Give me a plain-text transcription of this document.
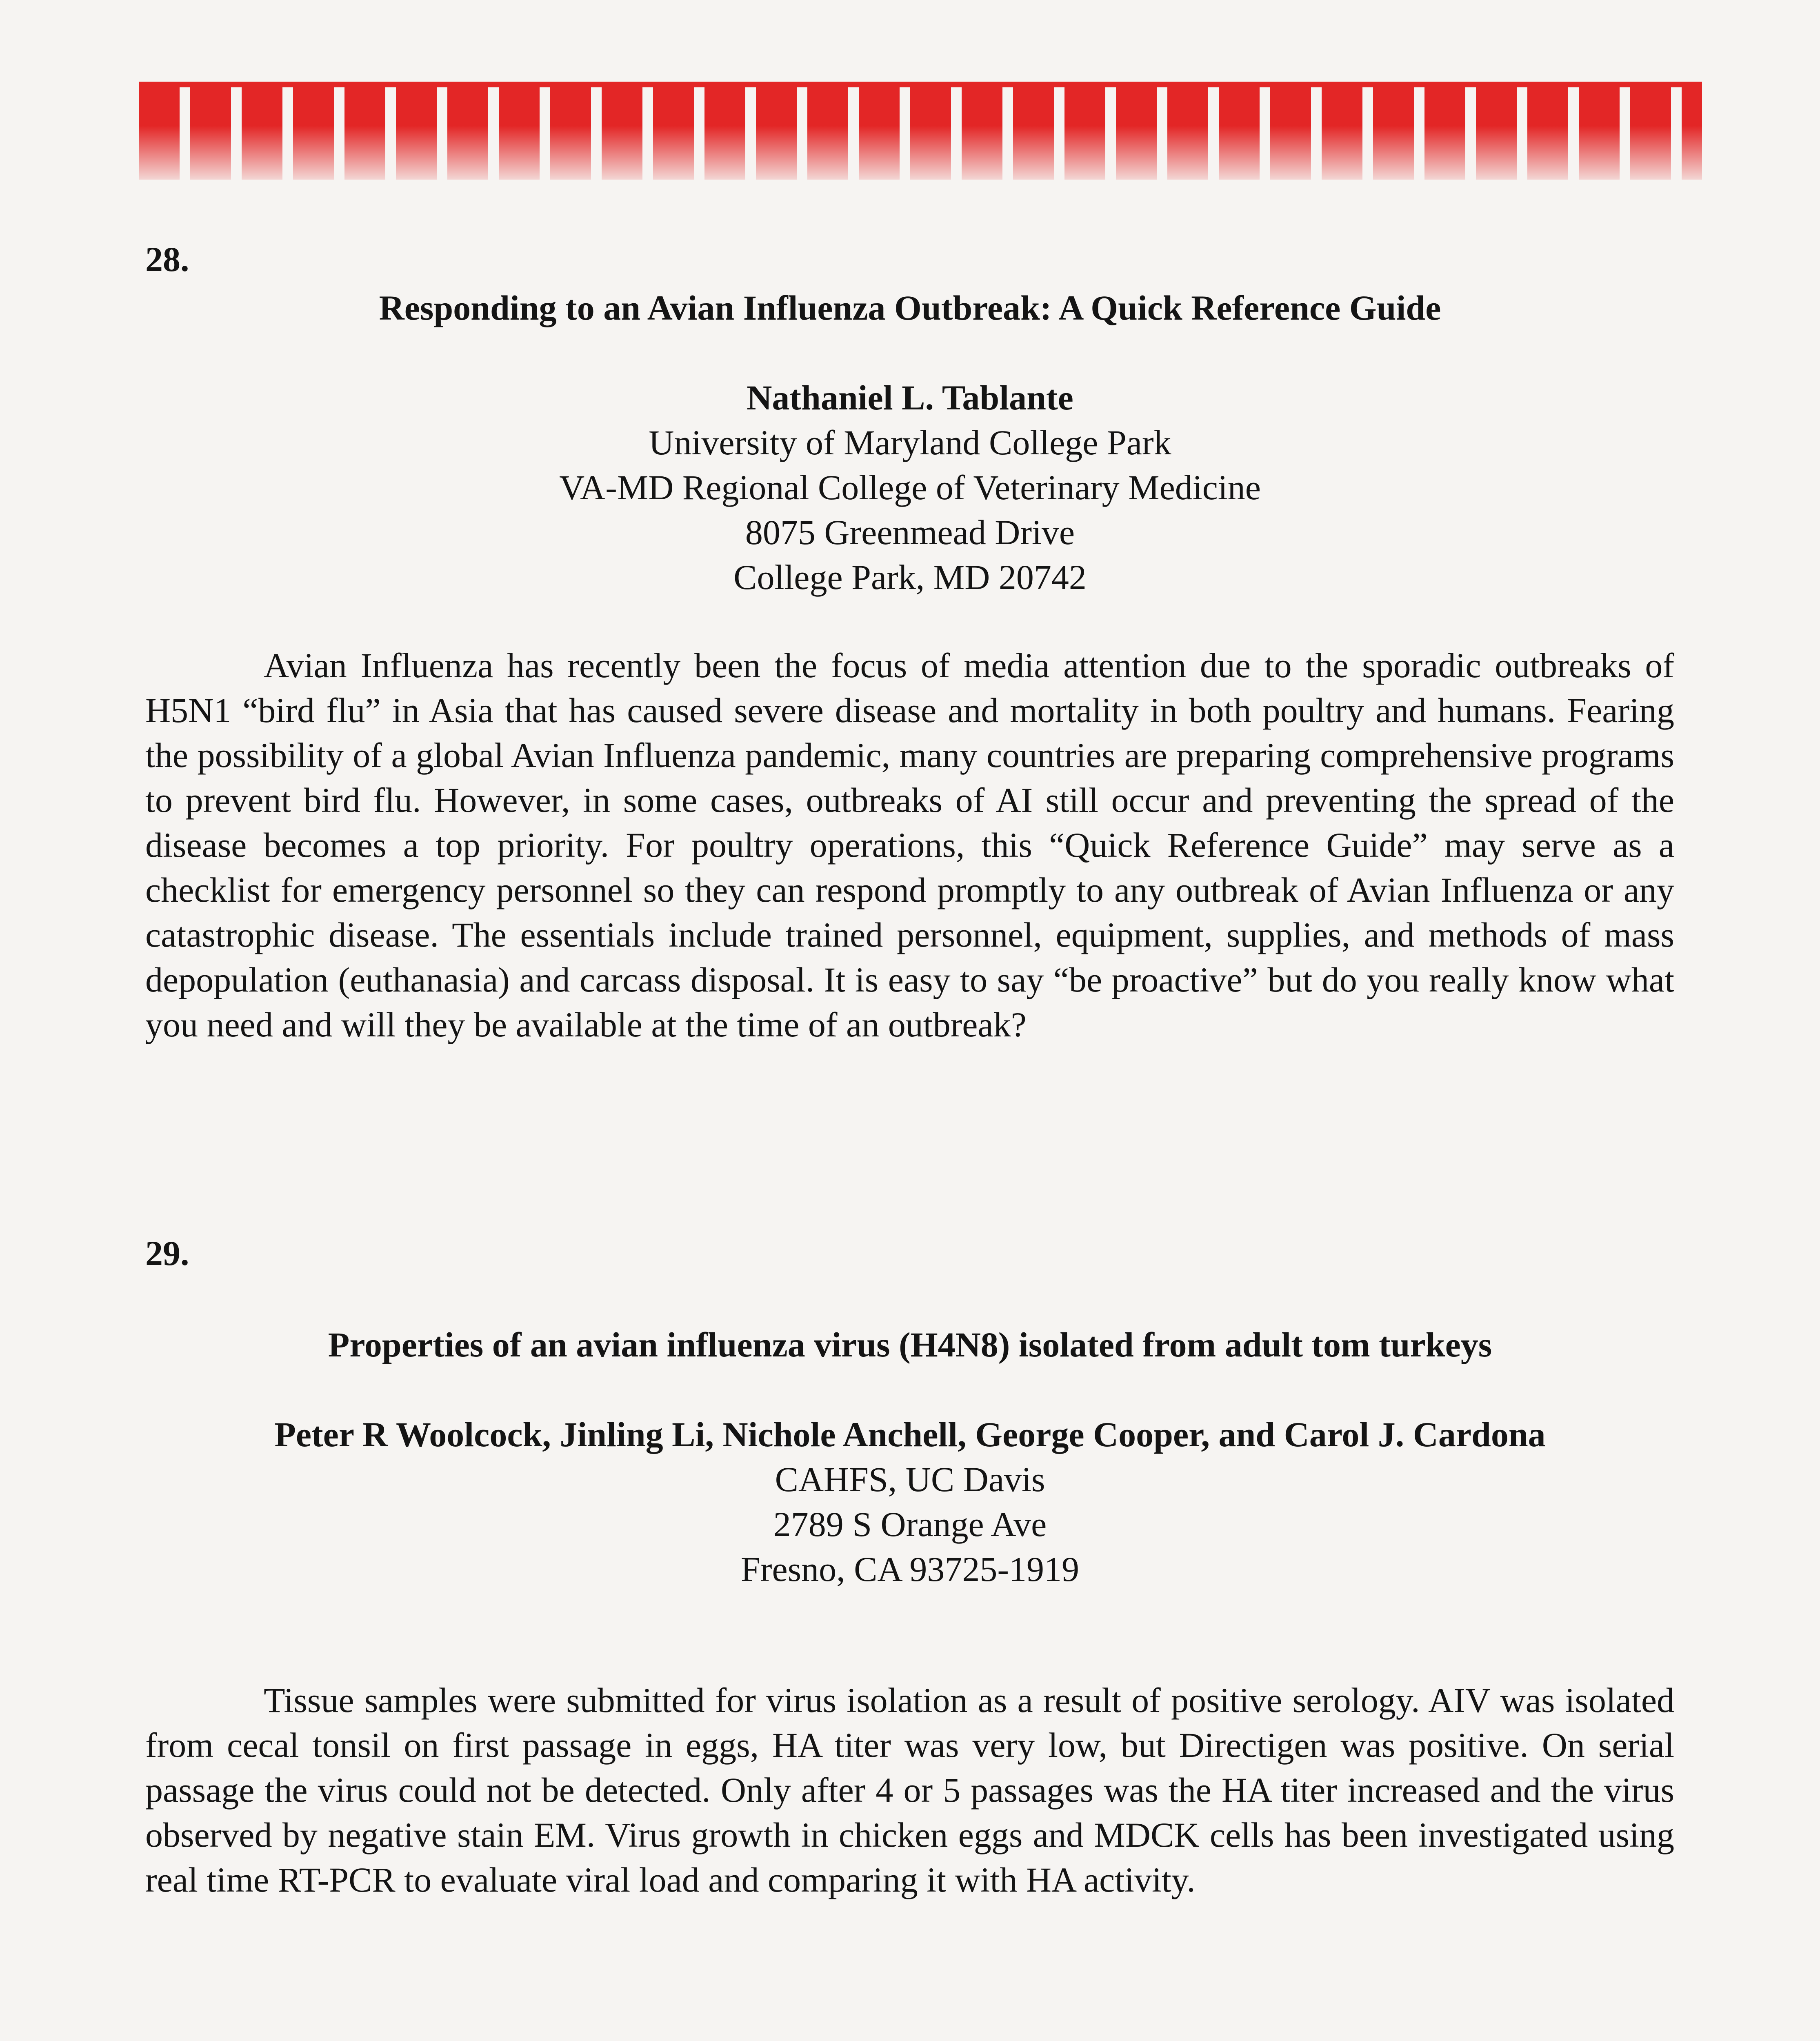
28.
Responding to an Avian Influenza Outbreak: A Quick Reference Guide
Nathaniel L. Tablante
University of Maryland College Park
VA-MD Regional College of Veterinary Medicine
8075 Greenmead Drive
College Park, MD 20742
Avian Influenza has recently been the focus of media attention due to the sporadic outbreaks of H5N1 “bird flu” in Asia that has caused severe disease and mortality in both poultry and humans. Fearing the possibility of a global Avian Influenza pandemic, many countries are preparing comprehensive programs to prevent bird flu. However, in some cases, outbreaks of AI still occur and preventing the spread of the disease becomes a top priority. For poultry operations, this “Quick Reference Guide” may serve as a checklist for emergency personnel so they can respond promptly to any outbreak of Avian Influenza or any catastrophic disease. The essentials include trained personnel, equipment, supplies, and methods of mass depopulation (euthanasia) and carcass disposal. It is easy to say “be proactive” but do you really know what you need and will they be available at the time of an outbreak?
29.
Properties of an avian influenza virus (H4N8) isolated from adult tom turkeys
Peter R Woolcock, Jinling Li, Nichole Anchell, George Cooper, and Carol J. Cardona
CAHFS, UC Davis
2789 S Orange Ave
Fresno, CA 93725-1919
Tissue samples were submitted for virus isolation as a result of positive serology. AIV was isolated from cecal tonsil on first passage in eggs, HA titer was very low, but Directigen was positive. On serial passage the virus could not be detected. Only after 4 or 5 passages was the HA titer increased and the virus observed by negative stain EM. Virus growth in chicken eggs and MDCK cells has been investigated using real time RT-PCR to evaluate viral load and comparing it with HA activity.
